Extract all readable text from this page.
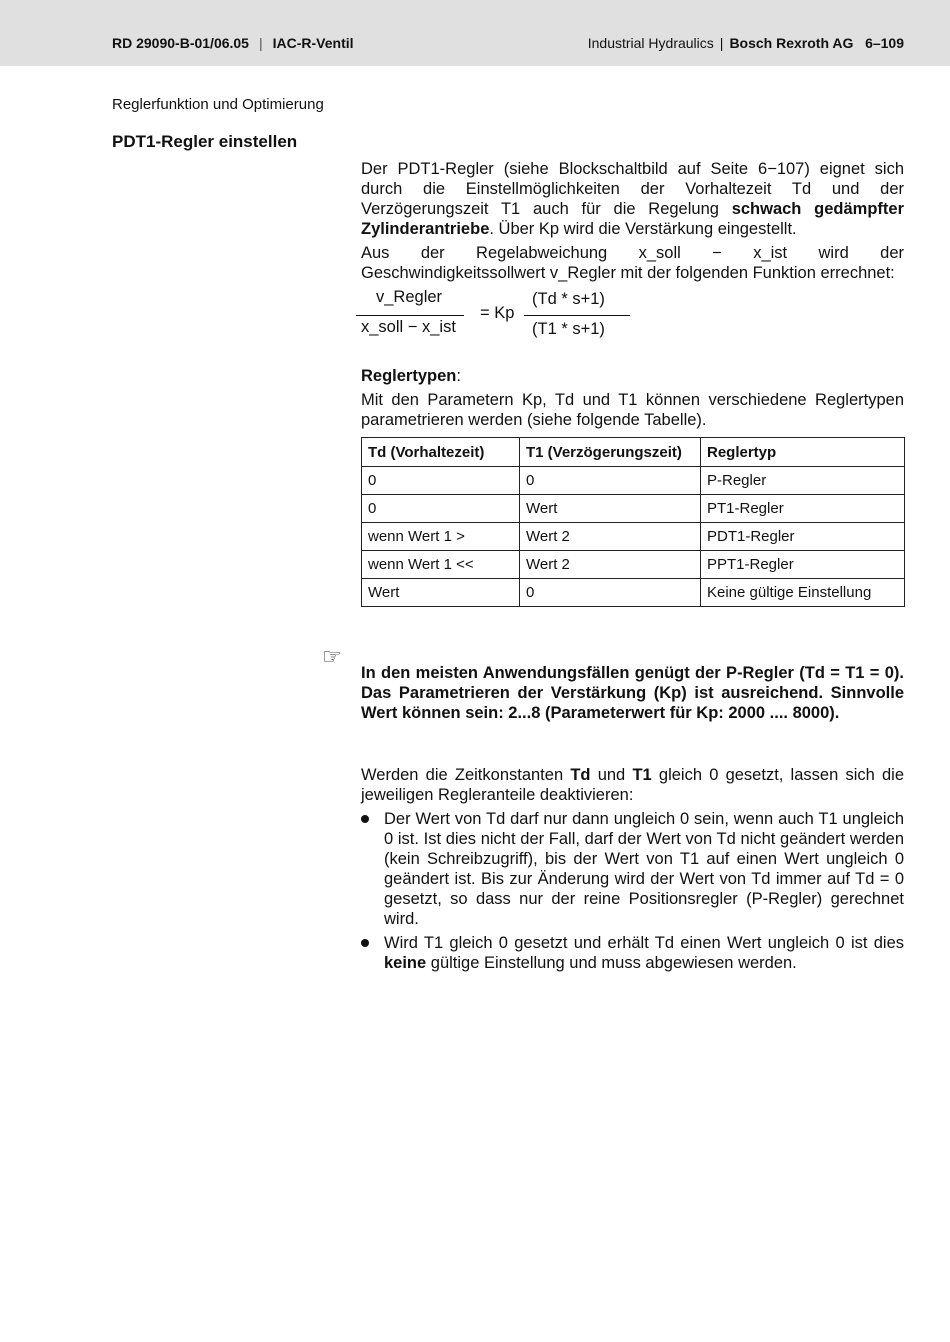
RD 29090-B-01/06.05 | IAC-R-Ventil	Industrial Hydraulics | Bosch Rexroth AG 6–109
Reglerfunktion und Optimierung
PDT1-Regler einstellen

Der PDT1-Regler (siehe Blockschaltbild auf Seite 6−107) eignet sich durch die Einstellmöglichkeiten der Vorhaltezeit Td und der Verzögerungszeit T1 auch für die Regelung schwach gedämpfter Zylinderantriebe. Über Kp wird die Verstärkung eingestellt.

Aus der Regelabweichung x_soll − x_ist wird der Geschwindigkeitssollwert v_Regler mit der folgenden Funktion errechnet:

v_Regler
x_soll − x_ist
= Kp
(Td * s+1)
(T1 * s+1)
Reglertypen:

Mit den Parametern Kp, Td und T1 können verschiedene Reglertypen parametrieren werden (siehe folgende Tabelle).

Td (Vorhaltezeit)	T1 (Verzögerungszeit)	Reglertyp
0	0	P-Regler
0	Wert	PT1-Regler
wenn Wert 1 >	Wert 2	PDT1-Regler
wenn Wert 1 <<	Wert 2	PPT1-Regler
Wert	0	Keine gültige Einstellung
☞

In den meisten Anwendungsfällen genügt der P-Regler (Td = T1 = 0). Das Parametrieren der Verstärkung (Kp) ist ausreichend. Sinnvolle Wert können sein: 2...8 (Parameterwert für Kp: 2000 .... 8000).

Werden die Zeitkonstanten Td und T1 gleich 0 gesetzt, lassen sich die jeweiligen Regleranteile deaktivieren:

Der Wert von Td darf nur dann ungleich 0 sein, wenn auch T1 ungleich 0 ist. Ist dies nicht der Fall, darf der Wert von Td nicht geändert werden (kein Schreibzugriff), bis der Wert von T1 auf einen Wert ungleich 0 geändert ist. Bis zur Änderung wird der Wert von Td immer auf Td = 0 gesetzt, so dass nur der reine Positionsregler (P-Regler) gerechnet wird.
Wird T1 gleich 0 gesetzt und erhält Td einen Wert ungleich 0 ist dies keine gültige Einstellung und muss abgewiesen werden.
